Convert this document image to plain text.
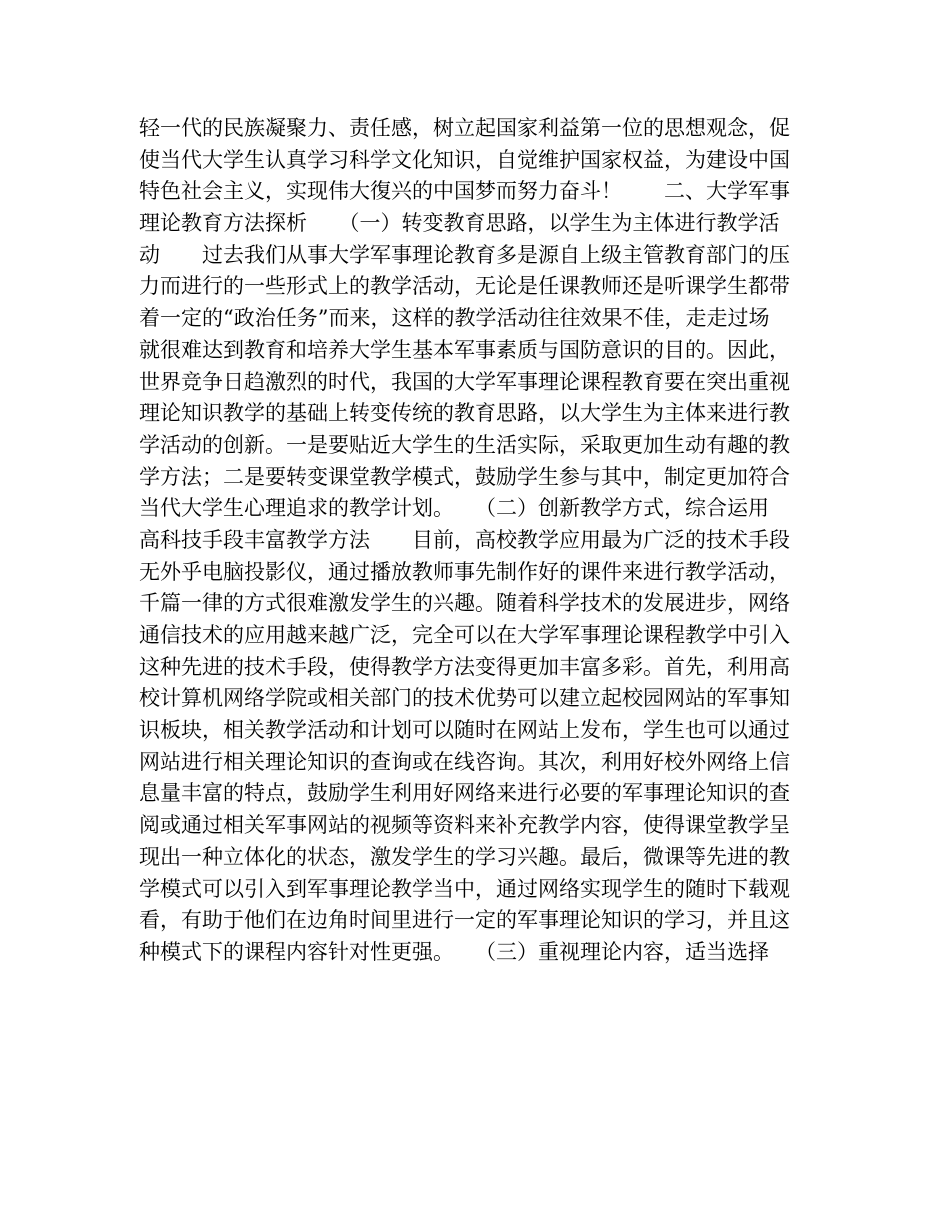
轻一代的民族凝聚力、责任感，树立起国家利益第一位的思想观念，促
使当代大学生认真学习科学文化知识，自觉维护国家权益，为建设中国
特色社会主义，实现伟大復兴的中国梦而努力奋斗！　　二、大学军事
理论教育方法探析　　（一）转变教育思路，以学生为主体进行教学活
动　　过去我们从事大学军事理论教育多是源自上级主管教育部门的压
力而进行的一些形式上的教学活动，无论是任课教师还是听课学生都带
着一定的“政治任务”而来，这样的教学活动往往效果不佳，走走过场
就很难达到教育和培养大学生基本军事素质与国防意识的目的。因此，
世界竞争日趋激烈的时代，我国的大学军事理论课程教育要在突出重视
理论知识教学的基础上转变传统的教育思路，以大学生为主体来进行教
学活动的创新。一是要贴近大学生的生活实际，采取更加生动有趣的教
学方法；二是要转变课堂教学模式，鼓励学生参与其中，制定更加符合
当代大学生心理追求的教学计划。　　（二）创新教学方式，综合运用
高科技手段丰富教学方法　　目前，高校教学应用最为广泛的技术手段
无外乎电脑投影仪，通过播放教师事先制作好的课件来进行教学活动，
千篇一律的方式很难激发学生的兴趣。随着科学技术的发展进步，网络
通信技术的应用越来越广泛，完全可以在大学军事理论课程教学中引入
这种先进的技术手段，使得教学方法变得更加丰富多彩。首先，利用高
校计算机网络学院或相关部门的技术优势可以建立起校园网站的军事知
识板块，相关教学活动和计划可以随时在网站上发布，学生也可以通过
网站进行相关理论知识的查询或在线咨询。其次，利用好校外网络上信
息量丰富的特点，鼓励学生利用好网络来进行必要的军事理论知识的查
阅或通过相关军事网站的视频等资料来补充教学内容，使得课堂教学呈
现出一种立体化的状态，激发学生的学习兴趣。最后，微课等先进的教
学模式可以引入到军事理论教学当中，通过网络实现学生的随时下载观
看，有助于他们在边角时间里进行一定的军事理论知识的学习，并且这
种模式下的课程内容针对性更强。　　（三）重视理论内容，适当选择
